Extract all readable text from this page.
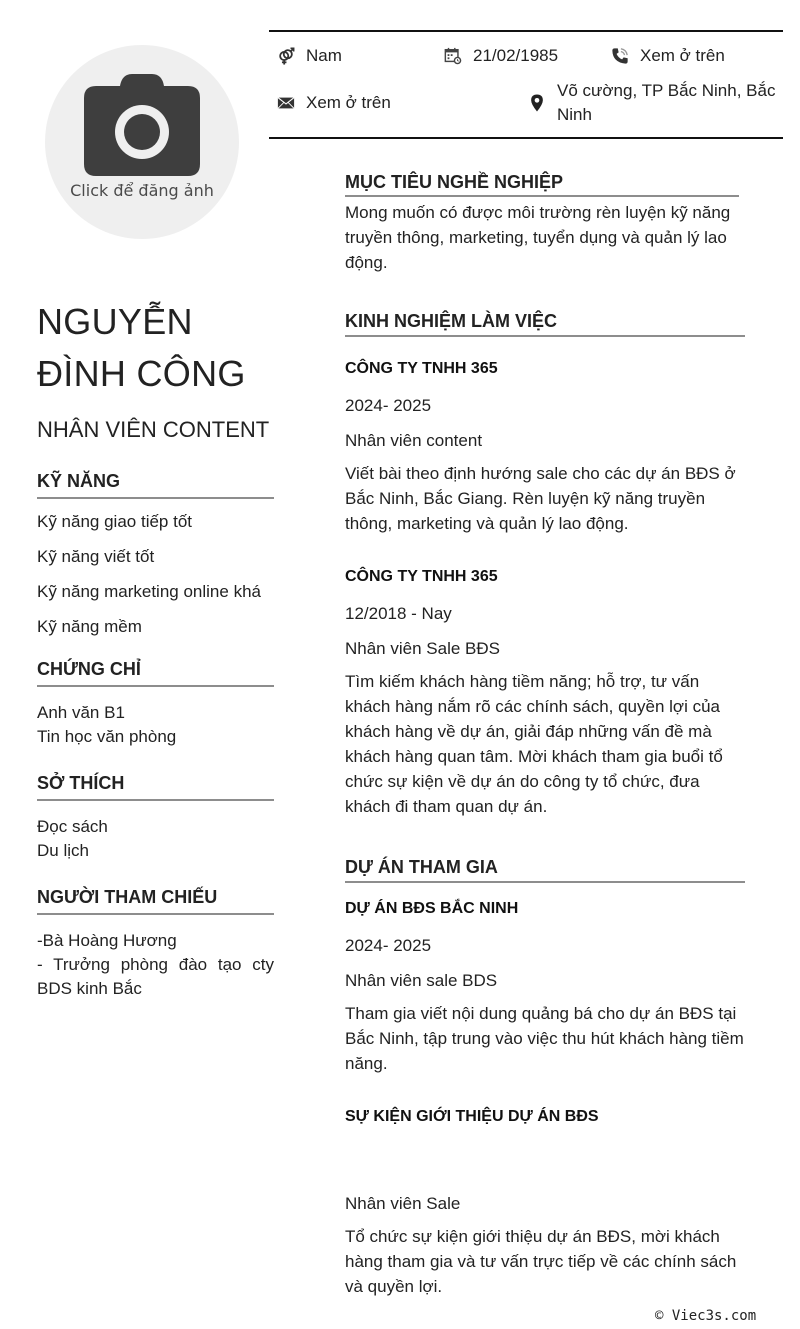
Click để đăng ảnh
Nam	21/02/1985	Xem ở trên
Xem ở trên
Võ cường, TP Bắc Ninh, Bắc Ninh
NGUYỄN ĐÌNH CÔNG
NHÂN VIÊN CONTENT
KỸ NĂNG
Kỹ năng giao tiếp tốt
Kỹ năng viết tốt
Kỹ năng marketing online khá
Kỹ năng mềm
CHỨNG CHỈ
Anh văn B1
Tin học văn phòng
SỞ THÍCH
Đọc sách
Du lịch
NGƯỜI THAM CHIẾU
-Bà Hoàng Hương
- Trưởng phòng đào tạo cty BDS kinh Bắc
MỤC TIÊU NGHỀ NGHIỆP
Mong muốn có được môi trường rèn luyện kỹ năng truyền thông, marketing, tuyển dụng và quản lý lao động.
KINH NGHIỆM LÀM VIỆC
CÔNG TY TNHH 365
2024- 2025
Nhân viên content
Viết bài theo định hướng sale cho các dự án BĐS ở Bắc Ninh, Bắc Giang. Rèn luyện kỹ năng truyền thông, marketing và quản lý lao động.
CÔNG TY TNHH 365
12/2018 - Nay
Nhân viên Sale BĐS
Tìm kiếm khách hàng tiềm năng; hỗ trợ, tư vấn khách hàng nắm rõ các chính sách, quyền lợi của khách hàng về dự án, giải đáp những vấn đề mà khách hàng quan tâm. Mời khách tham gia buổi tổ chức sự kiện về dự án do công ty tổ chức, đưa khách đi tham quan dự án.
DỰ ÁN THAM GIA
DỰ ÁN BĐS BẮC NINH
2024- 2025
Nhân viên sale BDS
Tham gia viết nội dung quảng bá cho dự án BĐS tại Bắc Ninh, tập trung vào việc thu hút khách hàng tiềm năng.
SỰ KIỆN GIỚI THIỆU DỰ ÁN BĐS
Nhân viên Sale
Tổ chức sự kiện giới thiệu dự án BĐS, mời khách hàng tham gia và tư vấn trực tiếp về các chính sách và quyền lợi.
© Viec3s.com
